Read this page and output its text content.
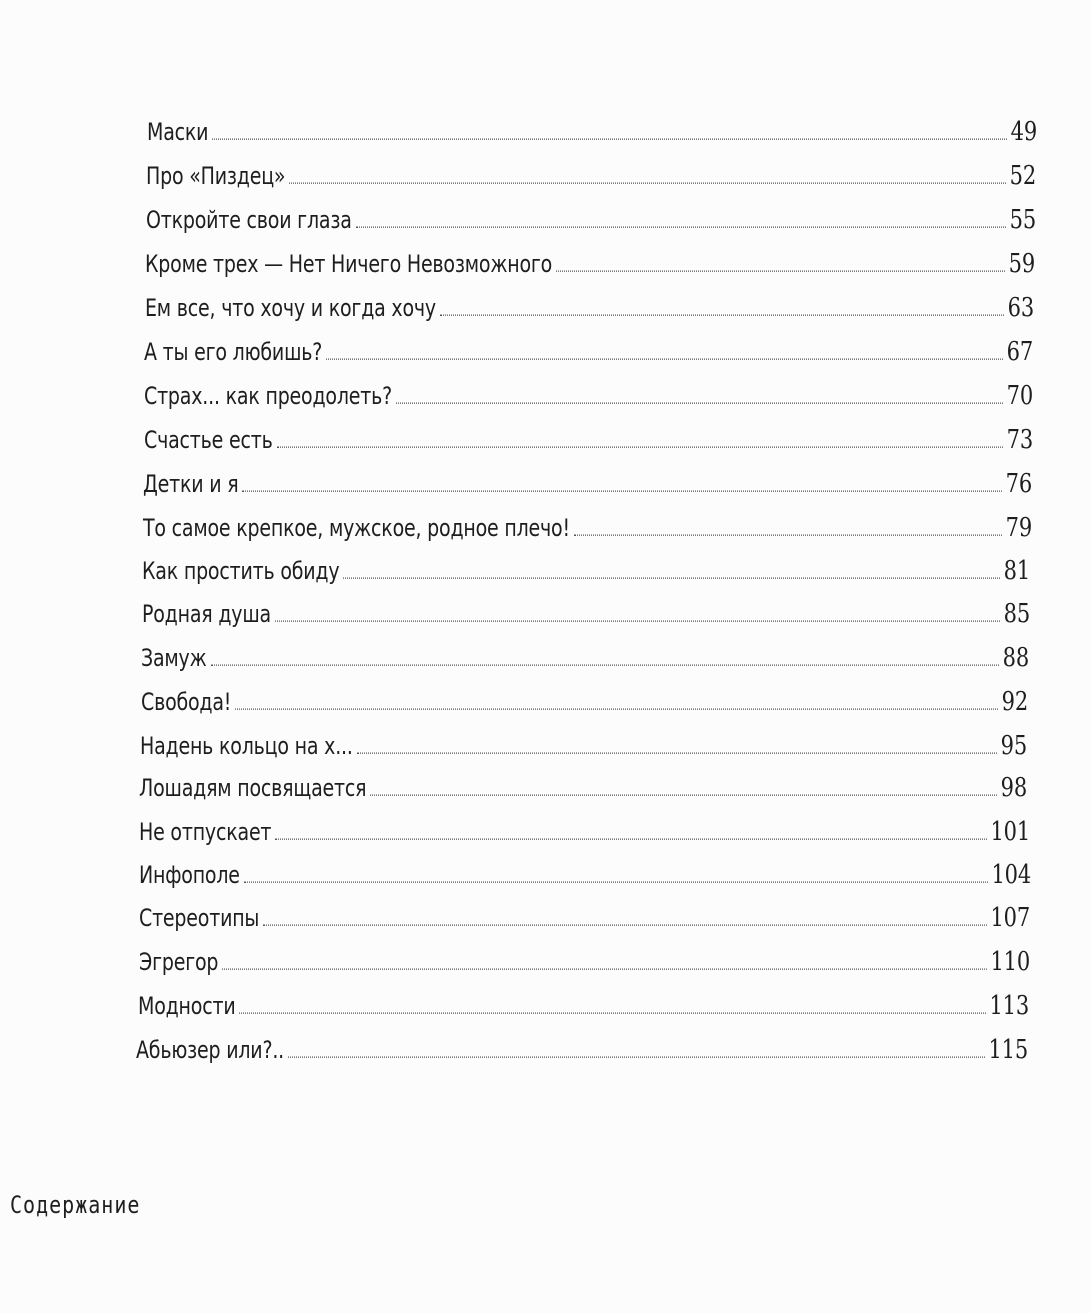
Маски	49
Про «Пиздец»	52
Откройте свои глаза	55
Кроме трех — Нет Ничего Невозможного	59
Ем все, что хочу и когда хочу	63
А ты его любишь?	67
Страх... как преодолеть?	70
Счастье есть	73
Детки и я	76
То самое крепкое, мужское, родное плечо!	79
Как простить обиду	81
Родная душа	85
Замуж	88
Свобода!	92
Надень кольцо на х...	95
Лошадям посвящается	98
Не отпускает	101
Инфополе	104
Стереотипы	107
Эгрегор	110
Модности	113
Абьюзер или?..	115
Содержание
